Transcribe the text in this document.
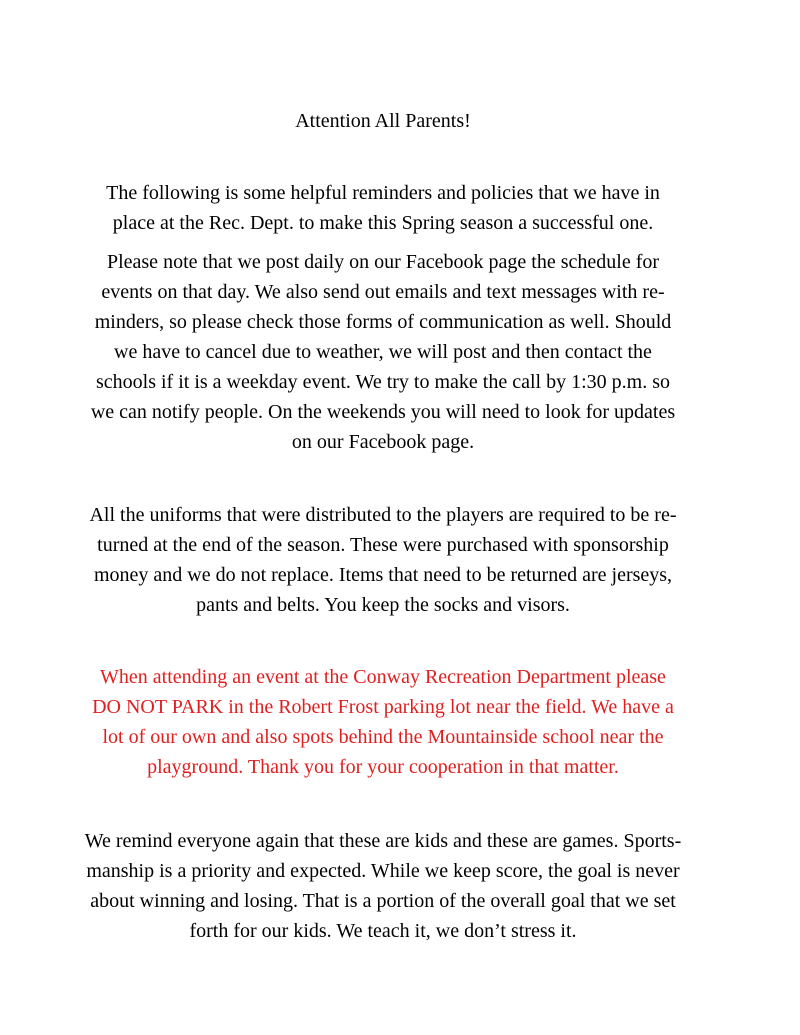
Attention All Parents!
The following is some helpful reminders and policies that we have in
place at the Rec. Dept. to make this Spring season a successful one.
Please note that we post daily on our Facebook page the schedule for
events on that day. We also send out emails and text messages with re-
minders, so please check those forms of communication as well. Should
we have to cancel due to weather, we will post and then contact the
schools if it is a weekday event. We try to make the call by 1:30 p.m. so
we can notify people. On the weekends you will need to look for updates
on our Facebook page.
All the uniforms that were distributed to the players are required to be re-
turned at the end of the season. These were purchased with sponsorship
money and we do not replace. Items that need to be returned are jerseys,
pants and belts. You keep the socks and visors.
When attending an event at the Conway Recreation Department please
DO NOT PARK in the Robert Frost parking lot near the field. We have a
lot of our own and also spots behind the Mountainside school near the
playground. Thank you for your cooperation in that matter.
We remind everyone again that these are kids and these are games. Sports-
manship is a priority and expected. While we keep score, the goal is never
about winning and losing. That is a portion of the overall goal that we set
forth for our kids. We teach it, we don’t stress it.
